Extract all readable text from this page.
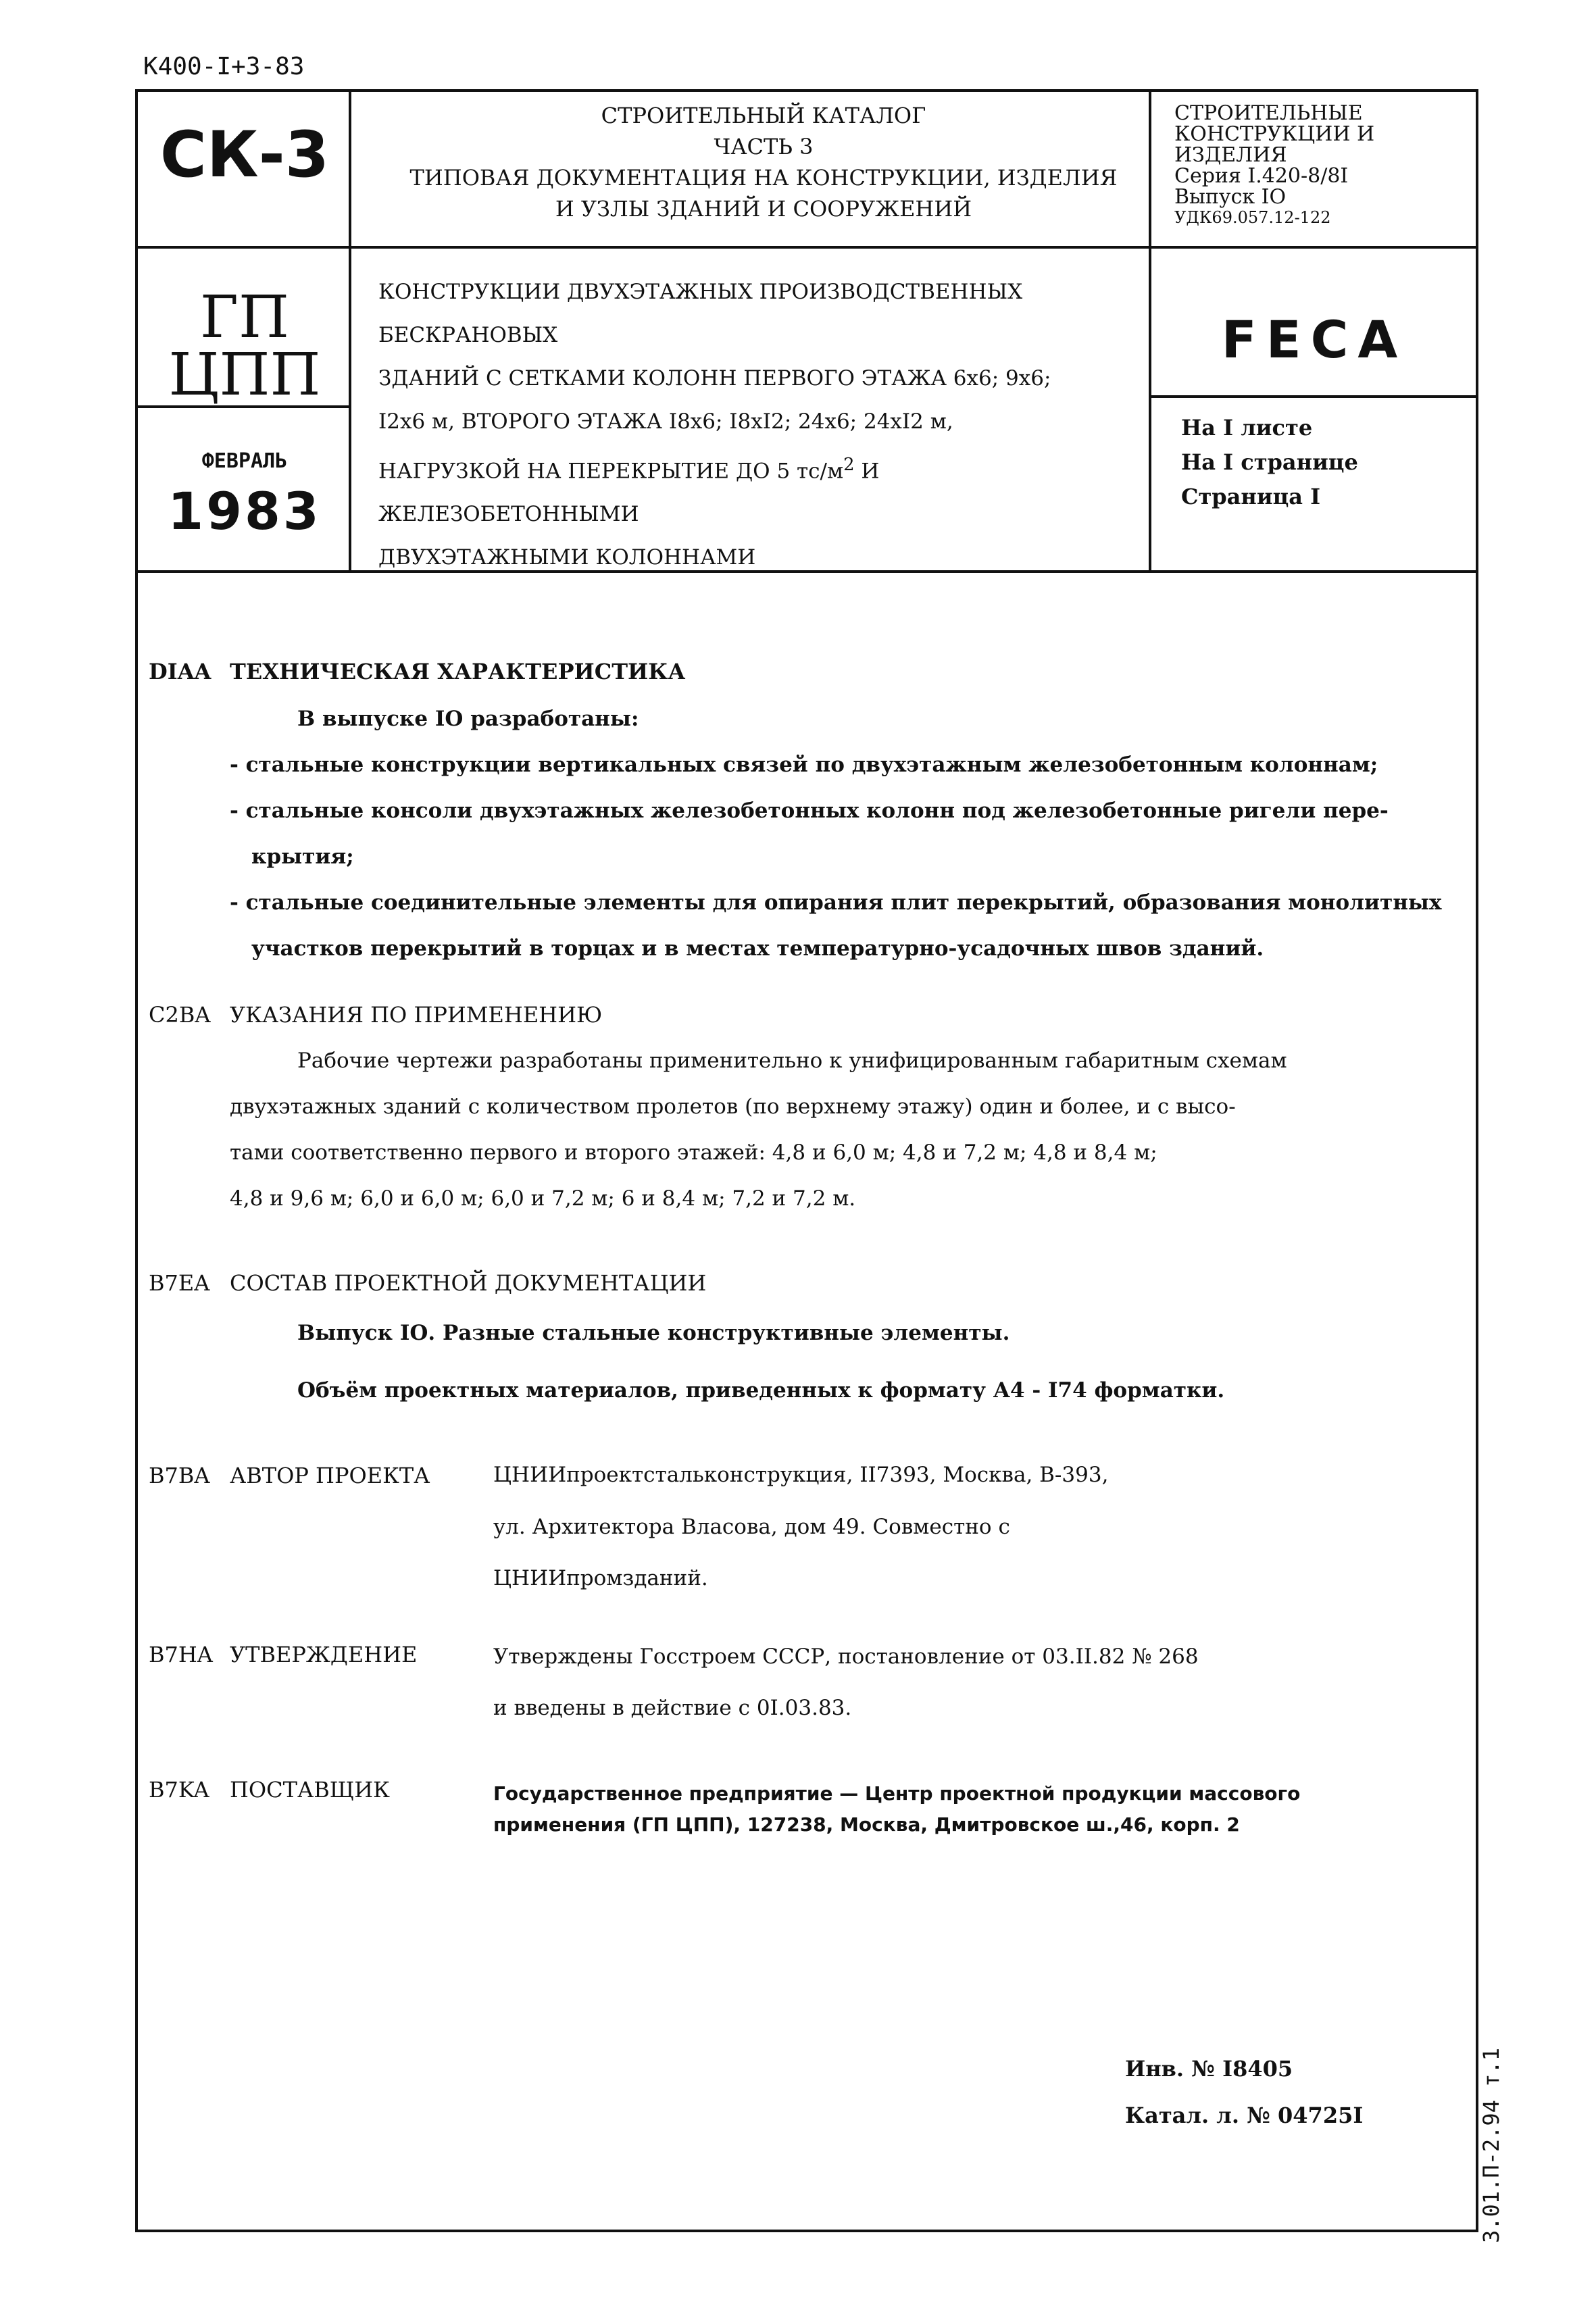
К400-І+3-83
3.01.П-2.94 т.1
СК-3
СТРОИТЕЛЬНЫЙ КАТАЛОГ
ЧАСТЬ 3
ТИПОВАЯ ДОКУМЕНТАЦИЯ НА КОНСТРУКЦИИ, ИЗДЕЛИЯ
И УЗЛЫ ЗДАНИЙ И СООРУЖЕНИЙ
СТРОИТЕЛЬНЫЕ
КОНСТРУКЦИИ И
ИЗДЕЛИЯ
Серия І.420-8/8І
Выпуск ІО
УДК69.057.12-122
ГП
ЦПП
ФЕВРАЛЬ
1983
КОНСТРУКЦИИ ДВУХЭТАЖНЫХ ПРОИЗВОДСТВЕННЫХ БЕСКРАНОВЫХ
ЗДАНИЙ С СЕТКАМИ КОЛОНН ПЕРВОГО ЭТАЖА 6х6; 9х6;
І2х6 м, ВТОРОГО ЭТАЖА І8х6; І8хІ2; 24х6; 24хІ2 м,
НАГРУЗКОЙ НА ПЕРЕКРЫТИЕ ДО 5 $тс/м^2$ И ЖЕЛЕЗОБЕТОННЫМИ
ДВУХЭТАЖНЫМИ КОЛОННАМИ
FECA
На І листе
На І странице
Страница І
DІAA ТЕХНИЧЕСКАЯ ХАРАКТЕРИСТИКА
В выпуске ІО разработаны:
- стальные конструкции вертикальных связей по двухэтажным железобетонным колоннам;
- стальные консоли двухэтажных железобетонных колонн под железобетонные ригели пере-
крытия;
- стальные соединительные элементы для опирания плит перекрытий, образования монолитных
участков перекрытий в торцах и в местах температурно-усадочных швов зданий.
C2BA УКАЗАНИЯ ПО ПРИМЕНЕНИЮ
Рабочие чертежи разработаны применительно к унифицированным габаритным схемам
двухэтажных зданий с количеством пролетов (по верхнему этажу) один и более, и с высо-
тами соответственно первого и второго этажей: 4,8 и 6,0 м; 4,8 и 7,2 м; 4,8 и 8,4 м;
4,8 и 9,6 м; 6,0 и 6,0 м; 6,0 и 7,2 м; 6 и 8,4 м; 7,2 и 7,2 м.
B7EA СОСТАВ ПРОЕКТНОЙ ДОКУМЕНТАЦИИ
Выпуск ІО. Разные стальные конструктивные элементы.
Объём проектных материалов, приведенных к формату А4 - І74 форматки.
B7BA АВТОР ПРОЕКТА	ЦНИИпроектстальконструкция, ІІ7393, Москва, В-393,
ул. Архитектора Власова, дом 49. Совместно с
ЦНИИпромзданий.
B7HA УТВЕРЖДЕНИЕ	Утверждены Госстроем СССР, постановление от 03.ІІ.82 № 268
и введены в действие с 0І.03.83.
B7KA ПОСТАВЩИК	Государственное предприятие — Центр проектной продукции массового
применения (ГП ЦПП), 127238, Москва, Дмитровское ш.,46, корп. 2
Инв. № І8405
Катал. л. № 04725І
